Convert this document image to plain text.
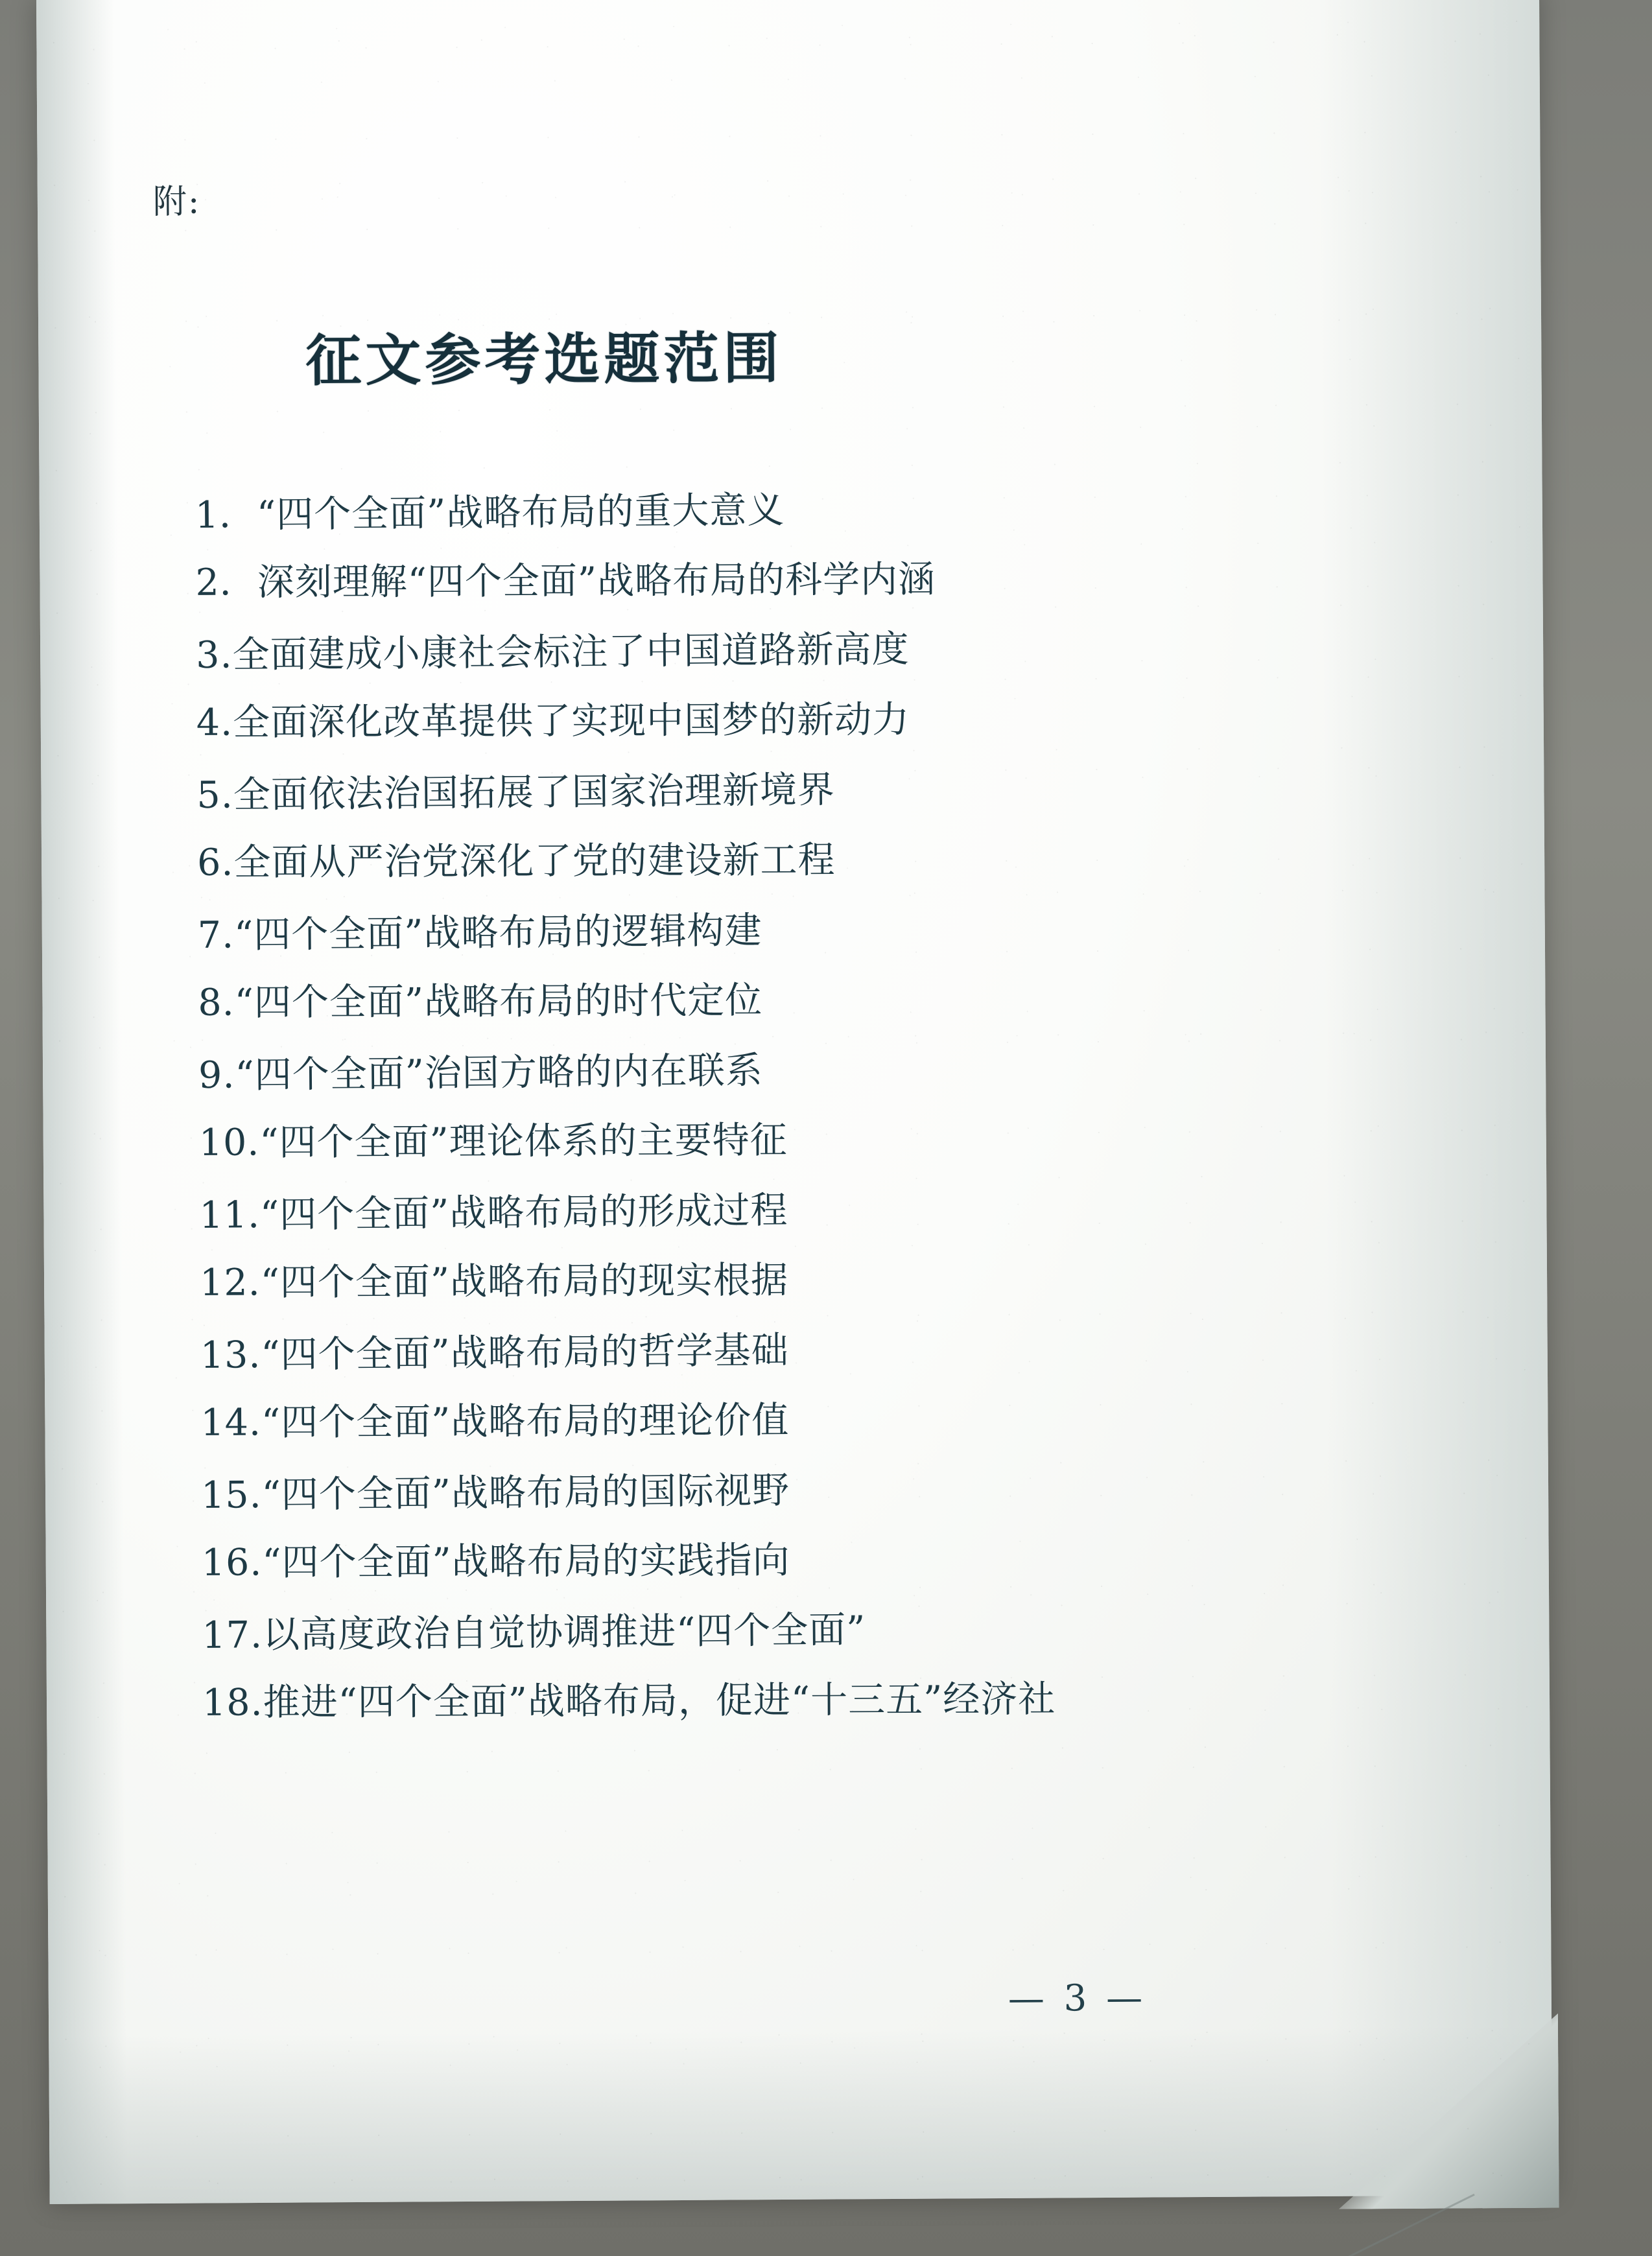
附:
征文参考选题范围
1．“四个全面”战略布局的重大意义
2．深刻理解“四个全面”战略布局的科学内涵
3.全面建成小康社会标注了中国道路新高度
4.全面深化改革提供了实现中国梦的新动力
5.全面依法治国拓展了国家治理新境界
6.全面从严治党深化了党的建设新工程
7.“四个全面”战略布局的逻辑构建
8.“四个全面”战略布局的时代定位
9.“四个全面”治国方略的内在联系
10.“四个全面”理论体系的主要特征
11.“四个全面”战略布局的形成过程
12.“四个全面”战略布局的现实根据
13.“四个全面”战略布局的哲学基础
14.“四个全面”战略布局的理论价值
15.“四个全面”战略布局的国际视野
16.“四个全面”战略布局的实践指向
17.以高度政治自觉协调推进“四个全面”
18.推进“四个全面”战略布局，促进“十三五”经济社
— 3 —
